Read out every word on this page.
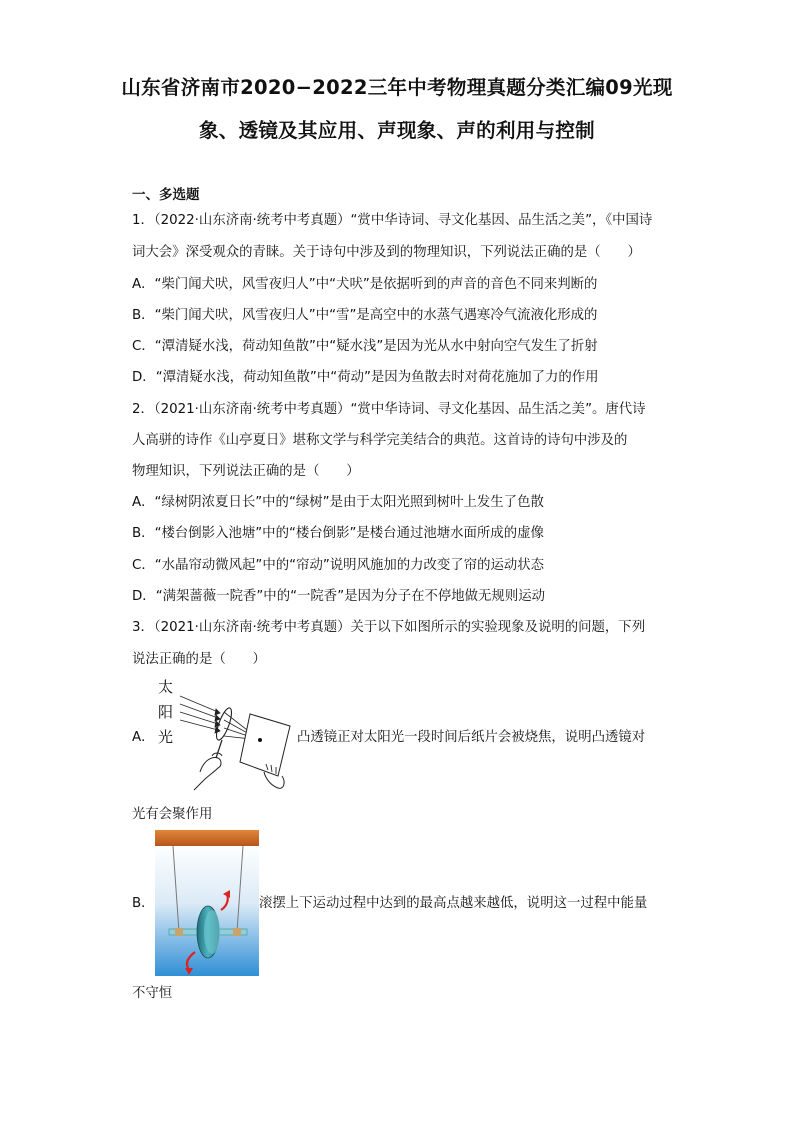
山东省济南市2020−2022三年中考物理真题分类汇编09光现
象、透镜及其应用、声现象、声的利用与控制
一、多选题
1．（2022·山东济南·统考中考真题）“赏中华诗词、寻文化基因、品生活之美”，《中国诗
词大会》深受观众的青睐。关于诗句中涉及到的物理知识，下列说法正确的是（　　）
A．“柴门闻犬吠，风雪夜归人”中“犬吠”是依据听到的声音的音色不同来判断的
B．“柴门闻犬吠，风雪夜归人”中“雪”是高空中的水蒸气遇寒冷气流液化形成的
C．“潭清疑水浅，荷动知鱼散”中“疑水浅”是因为光从水中射向空气发生了折射
D．“潭清疑水浅，荷动知鱼散”中“荷动”是因为鱼散去时对荷花施加了力的作用
2．（2021·山东济南·统考中考真题）“赏中华诗词、寻文化基因、品生活之美”。唐代诗
人高骈的诗作《山亭夏日》堪称文学与科学完美结合的典范。这首诗的诗句中涉及的
物理知识，下列说法正确的是（　　）
A．“绿树阴浓夏日长”中的“绿树”是由于太阳光照到树叶上发生了色散
B．“楼台倒影入池塘”中的“楼台倒影”是楼台通过池塘水面所成的虚像
C．“水晶帘动微风起”中的“帘动”说明风施加的力改变了帘的运动状态
D．“满架蔷薇一院香”中的“一院香”是因为分子在不停地做无规则运动
3．（2021·山东济南·统考中考真题）关于以下如图所示的实验现象及说明的问题，下列
说法正确的是（　　）
A．
太
阳
光	凸透镜正对太阳光一段时间后纸片会被烧焦，说明凸透镜对
光有会聚作用
B．	滚摆上下运动过程中达到的最高点越来越低，说明这一过程中能量
不守恒
